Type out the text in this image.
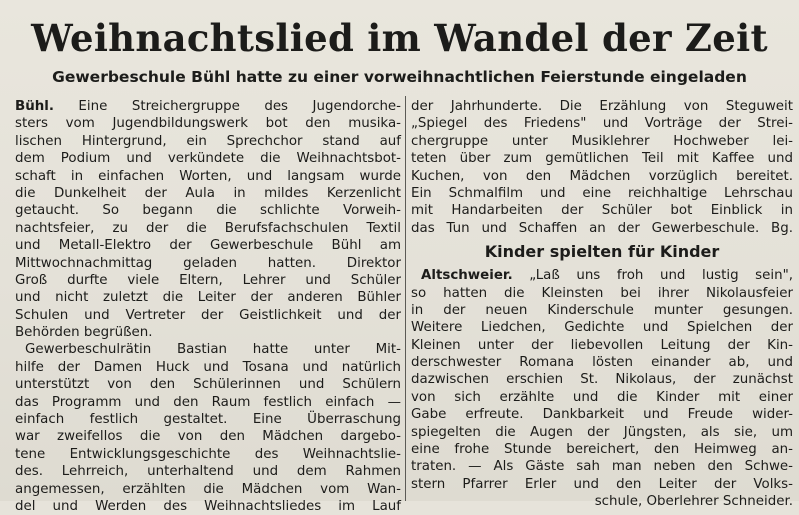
Weihnachtslied im Wandel der Zeit
Gewerbeschule Bühl hatte zu einer vorweihnachtlichen Feierstunde eingeladen
Bühl. Eine Streichergruppe des Jugendorche-
sters vom Jugendbildungswerk bot den musika-
lischen Hintergrund, ein Sprechchor stand auf
dem Podium und verkündete die Weihnachtsbot-
schaft in einfachen Worten, und langsam wurde
die Dunkelheit der Aula in mildes Kerzenlicht
getaucht. So begann die schlichte Vorweih-
nachtsfeier, zu der die Berufsfachschulen Textil
und Metall-Elektro der Gewerbeschule Bühl am
Mittwochnachmittag geladen hatten. Direktor
Groß durfte viele Eltern, Lehrer und Schüler
und nicht zuletzt die Leiter der anderen Bühler
Schulen und Vertreter der Geistlichkeit und der
Behörden begrüßen.
Gewerbeschulrätin Bastian hatte unter Mit-
hilfe der Damen Huck und Tosana und natürlich
unterstützt von den Schülerinnen und Schülern
das Programm und den Raum festlich einfach —
einfach festlich gestaltet. Eine Überraschung
war zweifellos die von den Mädchen dargebo-
tene Entwicklungsgeschichte des Weihnachtslie-
des. Lehrreich, unterhaltend und dem Rahmen
angemessen, erzählten die Mädchen vom Wan-
del und Werden des Weihnachtsliedes im Lauf
der Jahrhunderte. Die Erzählung von Steguweit
„Spiegel des Friedens" und Vorträge der Strei-
chergruppe unter Musiklehrer Hochweber lei-
teten über zum gemütlichen Teil mit Kaffee und
Kuchen, von den Mädchen vorzüglich bereitet.
Ein Schmalfilm und eine reichhaltige Lehrschau
mit Handarbeiten der Schüler bot Einblick in
das Tun und Schaffen an der Gewerbeschule. Bg.
Kinder spielten für Kinder
Altschweier. „Laß uns froh und lustig sein",
so hatten die Kleinsten bei ihrer Nikolausfeier
in der neuen Kinderschule munter gesungen.
Weitere Liedchen, Gedichte und Spielchen der
Kleinen unter der liebevollen Leitung der Kin-
derschwester Romana lösten einander ab, und
dazwischen erschien St. Nikolaus, der zunächst
von sich erzählte und die Kinder mit einer
Gabe erfreute. Dankbarkeit und Freude wider-
spiegelten die Augen der Jüngsten, als sie, um
eine frohe Stunde bereichert, den Heimweg an-
traten. — Als Gäste sah man neben den Schwe-
stern Pfarrer Erler und den Leiter der Volks-
schule, Oberlehrer Schneider.
